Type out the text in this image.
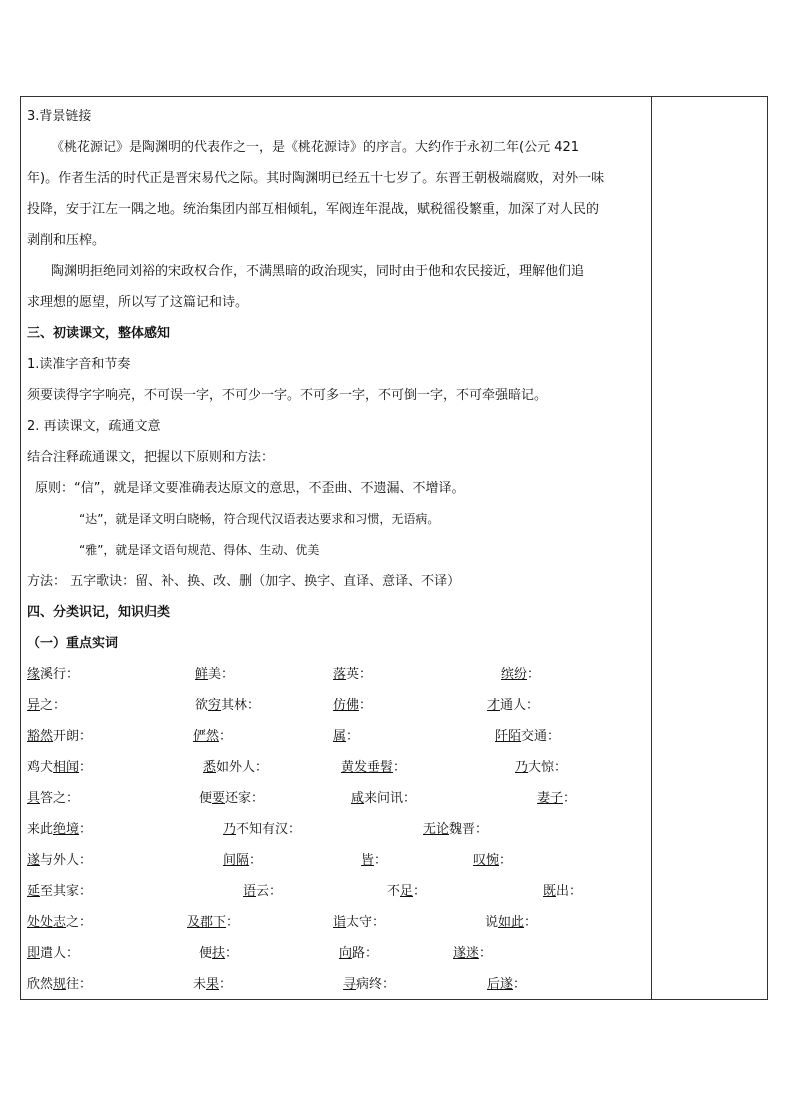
3.背景链接
《桃花源记》是陶渊明的代表作之一，是《桃花源诗》的序言。大约作于永初二年(公元 421
年)。作者生活的时代正是晋宋易代之际。其时陶渊明已经五十七岁了。东晋王朝极端腐败，对外一味
投降，安于江左一隅之地。统治集团内部互相倾轧，军阀连年混战，赋税徭役繁重，加深了对人民的
剥削和压榨。
陶渊明拒绝同刘裕的宋政权合作，不满黑暗的政治现实，同时由于他和农民接近，理解他们追
求理想的愿望，所以写了这篇记和诗。
三、初读课文，整体感知
1.读准字音和节奏
须要读得字字响亮，不可误一字，不可少一字。不可多一字，不可倒一字，不可牵强暗记。
2. 再读课文，疏通文意
结合注释疏通课文，把握以下原则和方法：
原则：“信”，就是译文要准确表达原文的意思，不歪曲、不遗漏、不增译。
“达”，就是译文明白晓畅，符合现代汉语表达要求和习惯，无语病。
“雅”，就是译文语句规范、得体、生动、优美
方法： 五字歌诀：留、补、换、改、删（加字、换字、直译、意译、不译）
四、分类识记，知识归类
（一）重点实词
缘溪行：	鲜美：	落英：	缤纷：
异之：	欲穷其林：	仿佛：	才通人：
豁然开朗：	俨然：	属：	阡陌交通：
鸡犬相闻：	悉如外人：	黄发垂髫：	乃大惊：
具答之：	便要还家：	咸来问讯：	妻子：
来此绝境：	乃不知有汉：	无论魏晋：
遂与外人：	间隔：	皆：	叹惋：
延至其家：	语云：	不足：	既出：
处处志之：	及郡下：	诣太守：	说如此：
即遣人：	便扶：	向路：	遂迷：
欣然规往：	未果：	寻病终：	后遂：
